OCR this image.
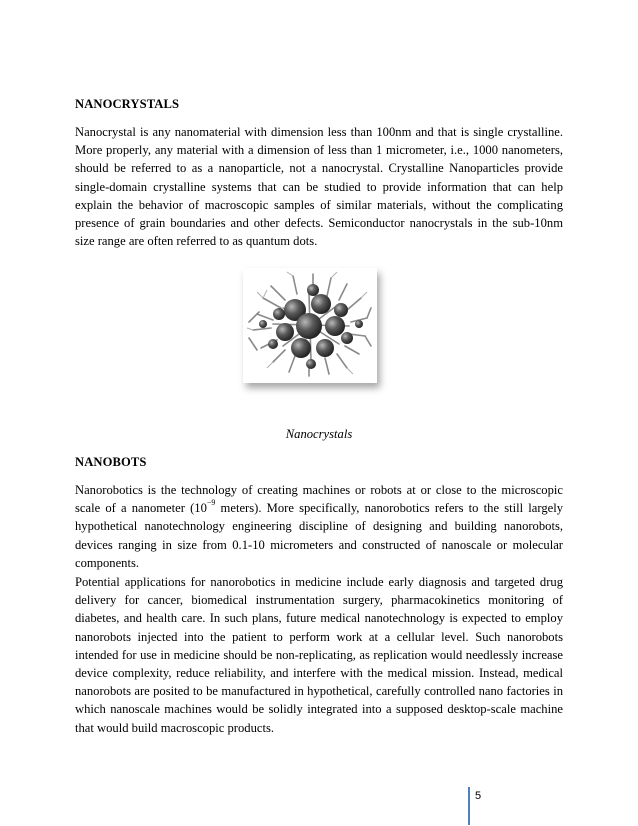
NANOCRYSTALS

Nanocrystal is any nanomaterial with dimension less than 100nm and that is single crystalline. More properly, any material with a dimension of less than 1 micrometer, i.e., 1000 nanometers, should be referred to as a nanoparticle, not a nanocrystal. Crystalline Nanoparticles provide single-domain crystalline systems that can be studied to provide information that can help explain the behavior of macroscopic samples of similar materials, without the complicating presence of grain boundaries and other defects. Semiconductor nanocrystals in the sub-10nm size range are often referred to as quantum dots.

Nanocrystals
NANOBOTS

Nanorobotics is the technology of creating machines or robots at or close to the microscopic scale of a nanometer ($10^{-9}$ meters). More specifically, nanorobotics refers to the still largely hypothetical nanotechnology engineering discipline of designing and building nanorobots, devices ranging in size from 0.1-10 micrometers and constructed of nanoscale or molecular components.

Potential applications for nanorobotics in medicine include early diagnosis and targeted drug delivery for cancer, biomedical instrumentation surgery, pharmacokinetics monitoring of diabetes, and health care. In such plans, future medical nanotechnology is expected to employ nanorobots injected into the patient to perform work at a cellular level. Such nanorobots intended for use in medicine should be non-replicating, as replication would needlessly increase device complexity, reduce reliability, and interfere with the medical mission. Instead, medical nanorobots are posited to be manufactured in hypothetical, carefully controlled nano factories in which nanoscale machines would be solidly integrated into a supposed desktop-scale machine that would build macroscopic products.

5
